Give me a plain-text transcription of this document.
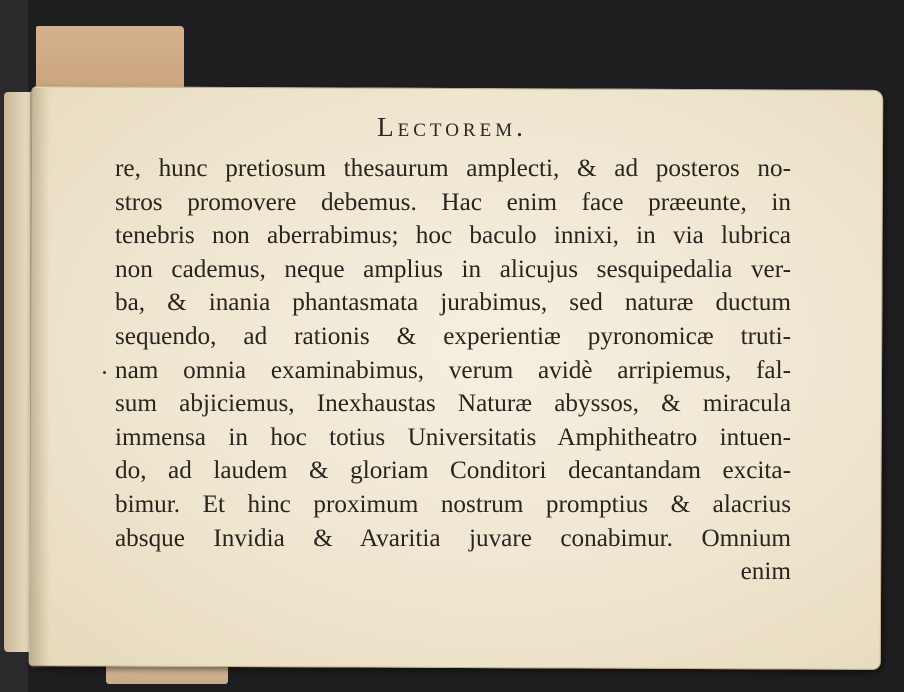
Lectorem.
re, hunc pretiosum thesaurum amplecti, & ad posteros no-
stros promovere debemus. Hac enim face præeunte, in
tenebris non aberrabimus; hoc baculo innixi, in via lubrica
non cademus, neque amplius in alicujus sesquipedalia ver-
ba, & inania phantasmata jurabimus, sed naturæ ductum
sequendo, ad rationis & experientiæ pyronomicæ truti-
nam omnia examinabimus, verum avidè arripiemus, fal-
sum abjiciemus, Inexhaustas Naturæ abyssos, & miracula
immensa in hoc totius Universitatis Amphitheatro intuen-
do, ad laudem & gloriam Conditori decantandam excita-
bimur. Et hinc proximum nostrum promptius & alacrius
absque Invidia & Avaritia juvare conabimur. Omnium
enim
